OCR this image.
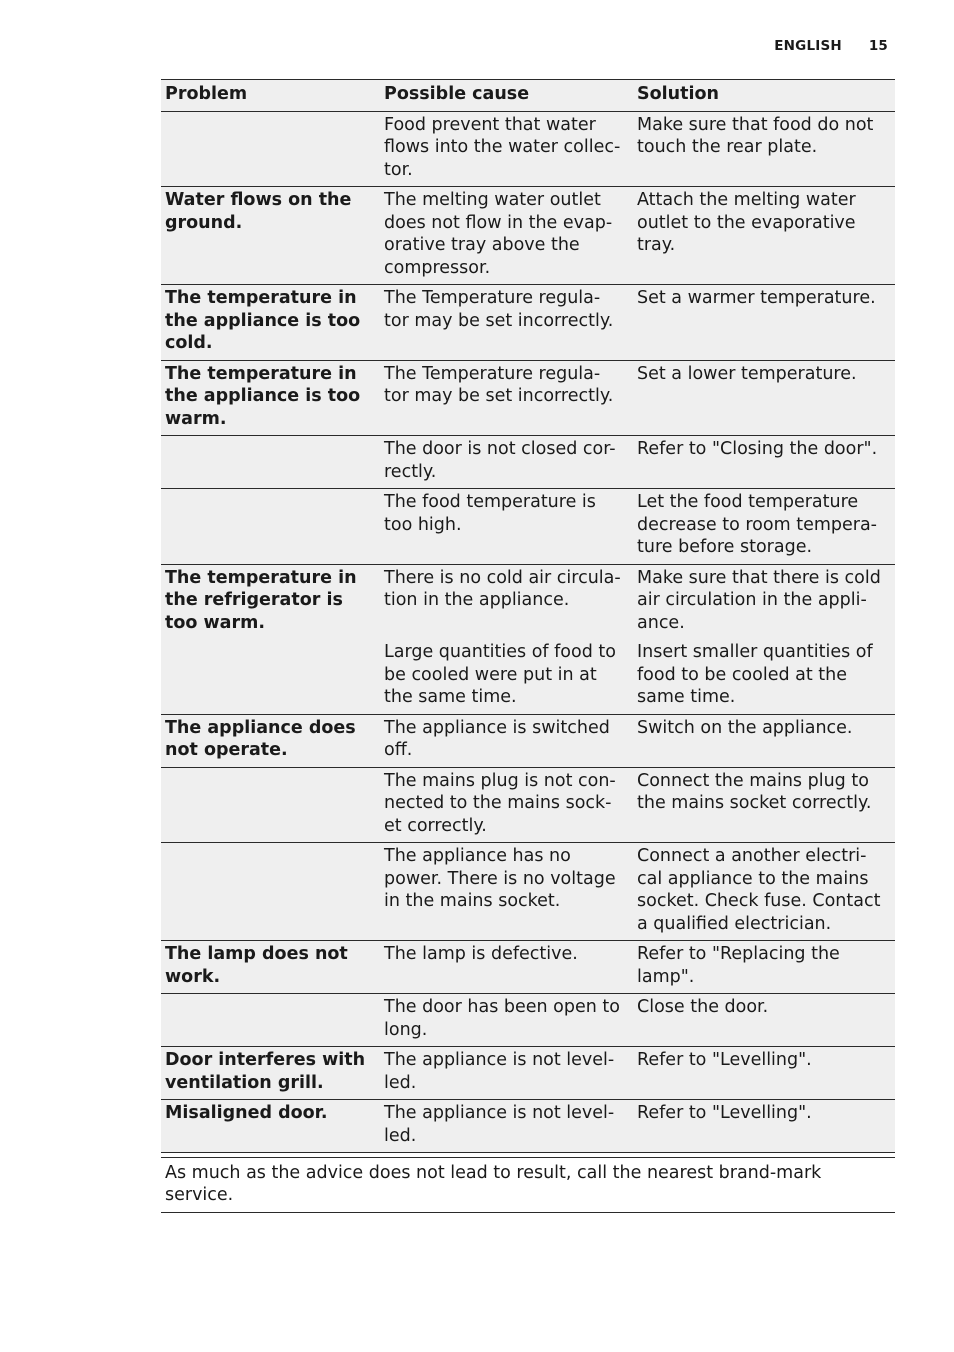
ENGLISH 15
Problem	Possible cause	Solution
	Food prevent that water flows into the water collec- tor.	Make sure that food do not touch the rear plate.
Water flows on the ground.	The melting water outlet does not flow in the evap- orative tray above the compressor.	Attach the melting water outlet to the evaporative tray.
The temperature in the appliance is too cold.	The Temperature regula- tor may be set incorrectly.	Set a warmer temperature.
The temperature in the appliance is too warm.	The Temperature regula- tor may be set incorrectly.	Set a lower temperature.
	The door is not closed cor- rectly.	Refer to "Closing the door".
	The food temperature is too high.	Let the food temperature decrease to room tempera- ture before storage.
The temperature in the refrigerator is too warm.	There is no cold air circula- tion in the appliance.	Make sure that there is cold air circulation in the appli- ance.
	Large quantities of food to be cooled were put in at the same time.	Insert smaller quantities of food to be cooled at the same time.
The appliance does not operate.	The appliance is switched off.	Switch on the appliance.
	The mains plug is not con- nected to the mains sock- et correctly.	Connect the mains plug to the mains socket correctly.
	The appliance has no power. There is no voltage in the mains socket.	Connect a another electri- cal appliance to the mains socket. Check fuse. Contact a qualified electrician.
The lamp does not work.	The lamp is defective.	Refer to "Replacing the lamp".
	The door has been open to long.	Close the door.
Door interferes with ventilation grill.	The appliance is not level- led.	Refer to "Levelling".
Misaligned door.	The appliance is not level- led.	Refer to "Levelling".
As much as the advice does not lead to result, call the nearest brand-mark service.
